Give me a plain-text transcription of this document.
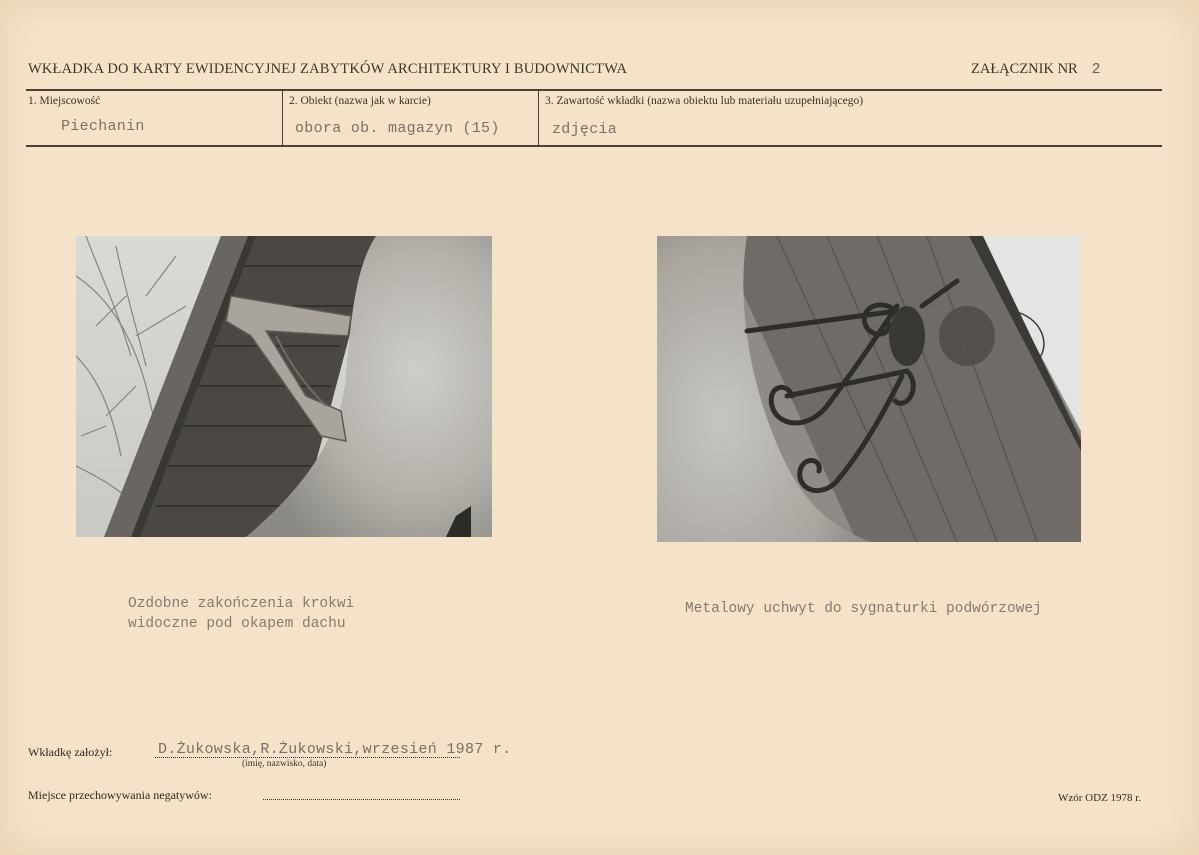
WKŁADKA DO KARTY EWIDENCYJNEJ ZABYTKÓW ARCHITEKTURY I BUDOWNICTWA	ZAŁĄCZNIK NR 2
1. Miejscowość	2. Obiekt (nazwa jak w karcie)	3. Zawartość wkładki (nazwa obiektu lub materiału uzupełniającego)
Piechanin	obora ob. magazyn (15)	zdjęcia
Ozdobne zakończenia krokwi
widoczne pod okapem dachu
Metalowy uchwyt do sygnaturki podwórzowej
Wkładkę założył:	D.Żukowska,R.Żukowski,wrzesień 1987 r.
(imię, nazwisko, data)
Miejsce przechowywania negatywów:	Wzór ODZ 1978 r.
